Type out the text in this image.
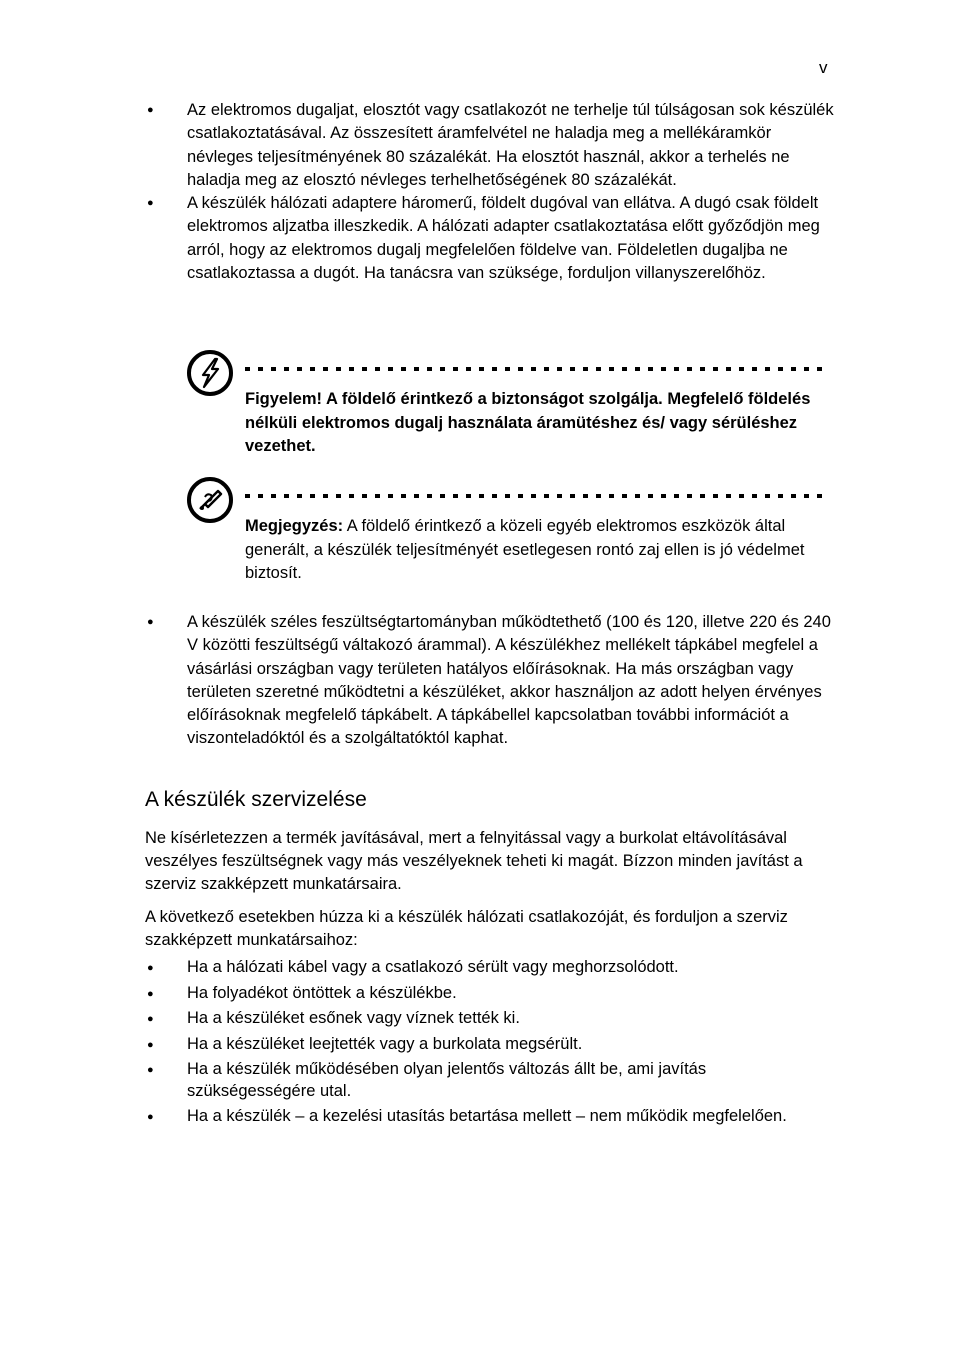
v
● Az elektromos dugaljat, elosztót vagy csatlakozót ne terhelje túl túlságosan sok készülék csatlakoztatásával. Az összesített áramfelvétel ne haladja meg a mellékáramkör névleges teljesítményének 80 százalékát. Ha elosztót használ, akkor a terhelés ne haladja meg az elosztó névleges terhelhetőségének 80 százalékát.
● A készülék hálózati adaptere háromerű, földelt dugóval van ellátva. A dugó csak földelt elektromos aljzatba illeszkedik. A hálózati adapter csatlakoztatása előtt győződjön meg arról, hogy az elektromos dugalj megfelelően földelve van. Földeletlen dugaljba ne csatlakoztassa a dugót. Ha tanácsra van szüksége, forduljon villanyszerelőhöz.
Figyelem! A földelő érintkező a biztonságot szolgálja. Megfelelő földelés nélküli elektromos dugalj használata áramütéshez és/ vagy sérüléshez vezethet.
Megjegyzés: A földelő érintkező a közeli egyéb elektromos eszközök által generált, a készülék teljesítményét esetlegesen rontó zaj ellen is jó védelmet biztosít.
● A készülék széles feszültségtartományban működtethető (100 és 120, illetve 220 és 240 V közötti feszültségű váltakozó árammal). A készülékhez mellékelt tápkábel megfelel a vásárlási országban vagy területen hatályos előírásoknak. Ha más országban vagy területen szeretné működtetni a készüléket, akkor használjon az adott helyen érvényes előírásoknak megfelelő tápkábelt. A tápkábellel kapcsolatban további információt a viszonteladóktól és a szolgáltatóktól kaphat.
A készülék szervizelése

Ne kísérletezzen a termék javításával, mert a felnyitással vagy a burkolat eltávolításával veszélyes feszültségnek vagy más veszélyeknek teheti ki magát. Bízzon minden javítást a szerviz szakképzett munkatársaira.

A következő esetekben húzza ki a készülék hálózati csatlakozóját, és forduljon a szerviz szakképzett munkatársaihoz:

● Ha a hálózati kábel vagy a csatlakozó sérült vagy meghorzsolódott.
● Ha folyadékot öntöttek a készülékbe.
● Ha a készüléket esőnek vagy víznek tették ki.
● Ha a készüléket leejtették vagy a burkolata megsérült.
● Ha a készülék működésében olyan jelentős változás állt be, ami javítás szükségességére utal.
● Ha a készülék – a kezelési utasítás betartása mellett – nem működik megfelelően.
